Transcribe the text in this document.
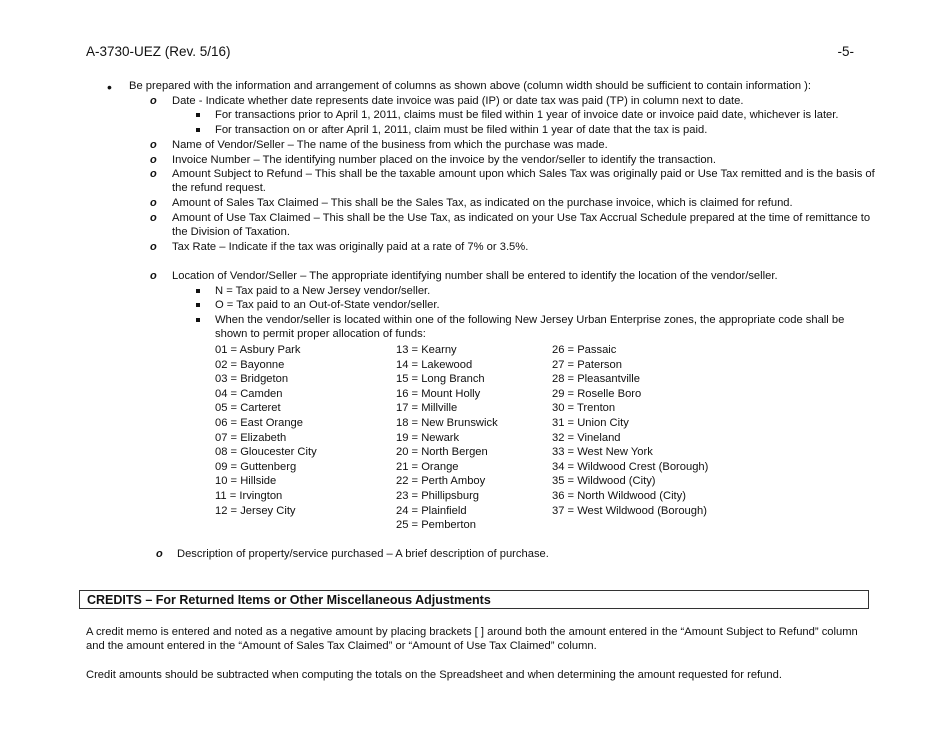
A-3730-UEZ (Rev. 5/16)	-5-
• Be prepared with the information and arrangement of columns as shown above (column width should be sufficient to contain information ):
o Date - Indicate whether date represents date invoice was paid (IP) or date tax was paid (TP) in column next to date.
For transactions prior to April 1, 2011, claims must be filed within 1 year of invoice date or invoice paid date, whichever is later.
For transaction on or after April 1, 2011, claim must be filed within 1 year of date that the tax is paid.
o Name of Vendor/Seller – The name of the business from which the purchase was made.
o Invoice Number – The identifying number placed on the invoice by the vendor/seller to identify the transaction.
o Amount Subject to Refund – This shall be the taxable amount upon which Sales Tax was originally paid or Use Tax remitted and is the basis of
the refund request.
o Amount of Sales Tax Claimed – This shall be the Sales Tax, as indicated on the purchase invoice, which is claimed for refund.
o Amount of Use Tax Claimed – This shall be the Use Tax, as indicated on your Use Tax Accrual Schedule prepared at the time of remittance to
the Division of Taxation.
o Tax Rate – Indicate if the tax was originally paid at a rate of 7% or 3.5%.
o Location of Vendor/Seller – The appropriate identifying number shall be entered to identify the location of the vendor/seller.
N = Tax paid to a New Jersey vendor/seller.
O = Tax paid to an Out-of-State vendor/seller.
When the vendor/seller is located within one of the following New Jersey Urban Enterprise zones, the appropriate code shall be
shown to permit proper allocation of funds:
01 = Asbury Park
02 = Bayonne
03 = Bridgeton
04 = Camden
05 = Carteret
06 = East Orange
07 = Elizabeth
08 = Gloucester City
09 = Guttenberg
10 = Hillside
11 = Irvington
12 = Jersey City
13 = Kearny
14 = Lakewood
15 = Long Branch
16 = Mount Holly
17 = Millville
18 = New Brunswick
19 = Newark
20 = North Bergen
21 = Orange
22 = Perth Amboy
23 = Phillipsburg
24 = Plainfield
25 = Pemberton
26 = Passaic
27 = Paterson
28 = Pleasantville
29 = Roselle Boro
30 = Trenton
31 = Union City
32 = Vineland
33 = West New York
34 = Wildwood Crest (Borough)
35 = Wildwood (City)
36 = North Wildwood (City)
37 = West Wildwood (Borough)
o Description of property/service purchased – A brief description of purchase.
CREDITS – For Returned Items or Other Miscellaneous Adjustments
A credit memo is entered and noted as a negative amount by placing brackets [ ] around both the amount entered in the “Amount Subject to Refund” column
and the amount entered in the “Amount of Sales Tax Claimed” or “Amount of Use Tax Claimed” column.
Credit amounts should be subtracted when computing the totals on the Spreadsheet and when determining the amount requested for refund.
